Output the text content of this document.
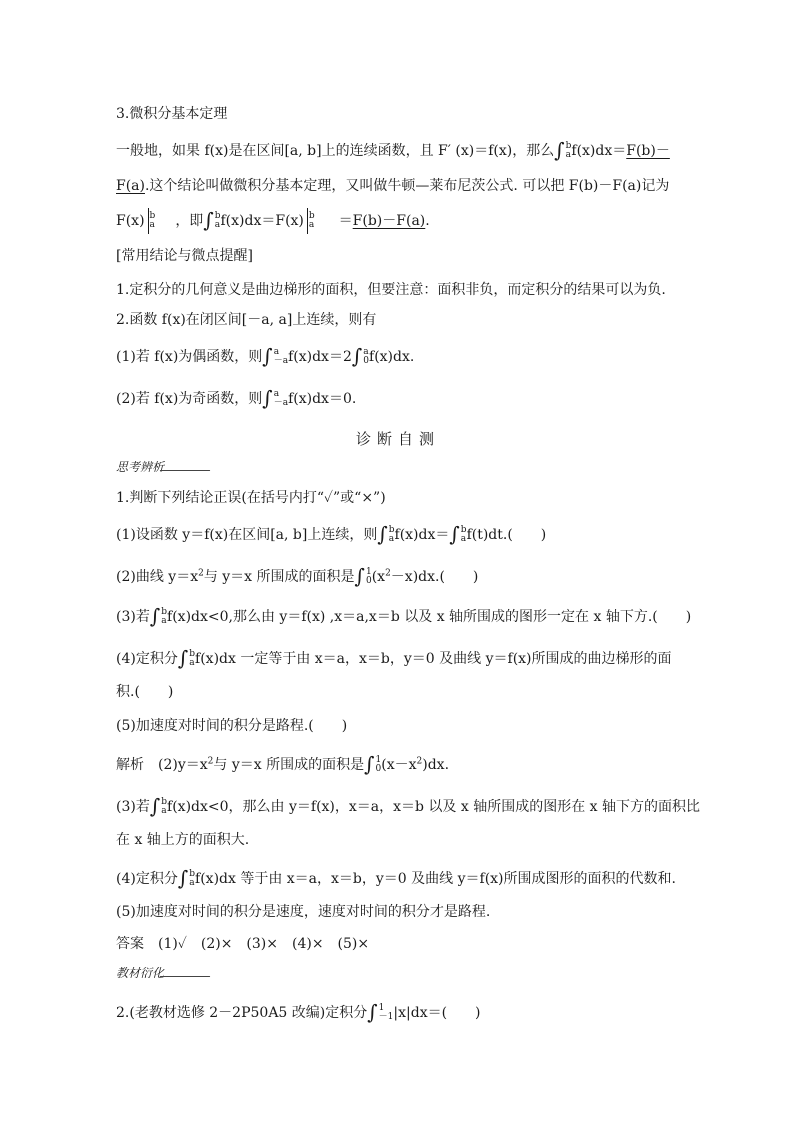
3.微积分基本定理
一般地，如果 f(x)是在区间[a, b]上的连续函数，且 F′ (x)＝f(x)，那么∫b
af(x)dx＝F(b)－
F(a).这个结论叫做微积分基本定理，又叫做牛顿—莱布尼茨公式. 可以把 F(b)－F(a)记为
F(x) b
a ，即∫b
af(x)dx＝F(x) b
a ＝F(b)－F(a).
[常用结论与微点提醒]
1.定积分的几何意义是曲边梯形的面积，但要注意：面积非负，而定积分的结果可以为负.
2.函数 f(x)在闭区间[－a, a]上连续，则有
(1)若 f(x)为偶函数，则∫a
－af(x)dx＝2∫a
0f(x)dx.
(2)若 f(x)为奇函数，则∫a
－af(x)dx＝0.
诊断自测
思考辨析
1.判断下列结论正误(在括号内打“✓”或“×”)
(1)设函数 y＝f(x)在区间[a, b]上连续，则∫b
af(x)dx＝∫b
af(t)dt.(　　)
(2)曲线 $y=x^2$与 y＝x 所围成的面积是∫1
$0(x^2-x)dx$.(　　)
(3)若∫b
af(x)dx<0,那么由 y＝f(x) ,x＝a,x＝b 以及 x 轴所围成的图形一定在 x 轴下方.(　　)
(4)定积分∫b
af(x)dx 一定等于由 x＝a，x＝b，y＝0 及曲线 y＝f(x)所围成的曲边梯形的面
积.(　　)
(5)加速度对时间的积分是路程.(　　)
解析　$(2)y=x^2$与 y＝x 所围成的面积是∫1
$0(x-x^2)dx$.
(3)若∫b
af(x)dx<0，那么由 y＝f(x)，x＝a，x＝b 以及 x 轴所围成的图形在 x 轴下方的面积比
在 x 轴上方的面积大.
(4)定积分∫b
af(x)dx 等于由 x＝a，x＝b，y＝0 及曲线 y＝f(x)所围成图形的面积的代数和.
(5)加速度对时间的积分是速度，速度对时间的积分才是路程.
答案　(1)✓　(2)×　(3)×　(4)×　(5)×
教材衍化
2.(老教材选修 2－2P50A5 改编)定积分∫1
－1|x|dx＝(　　)
